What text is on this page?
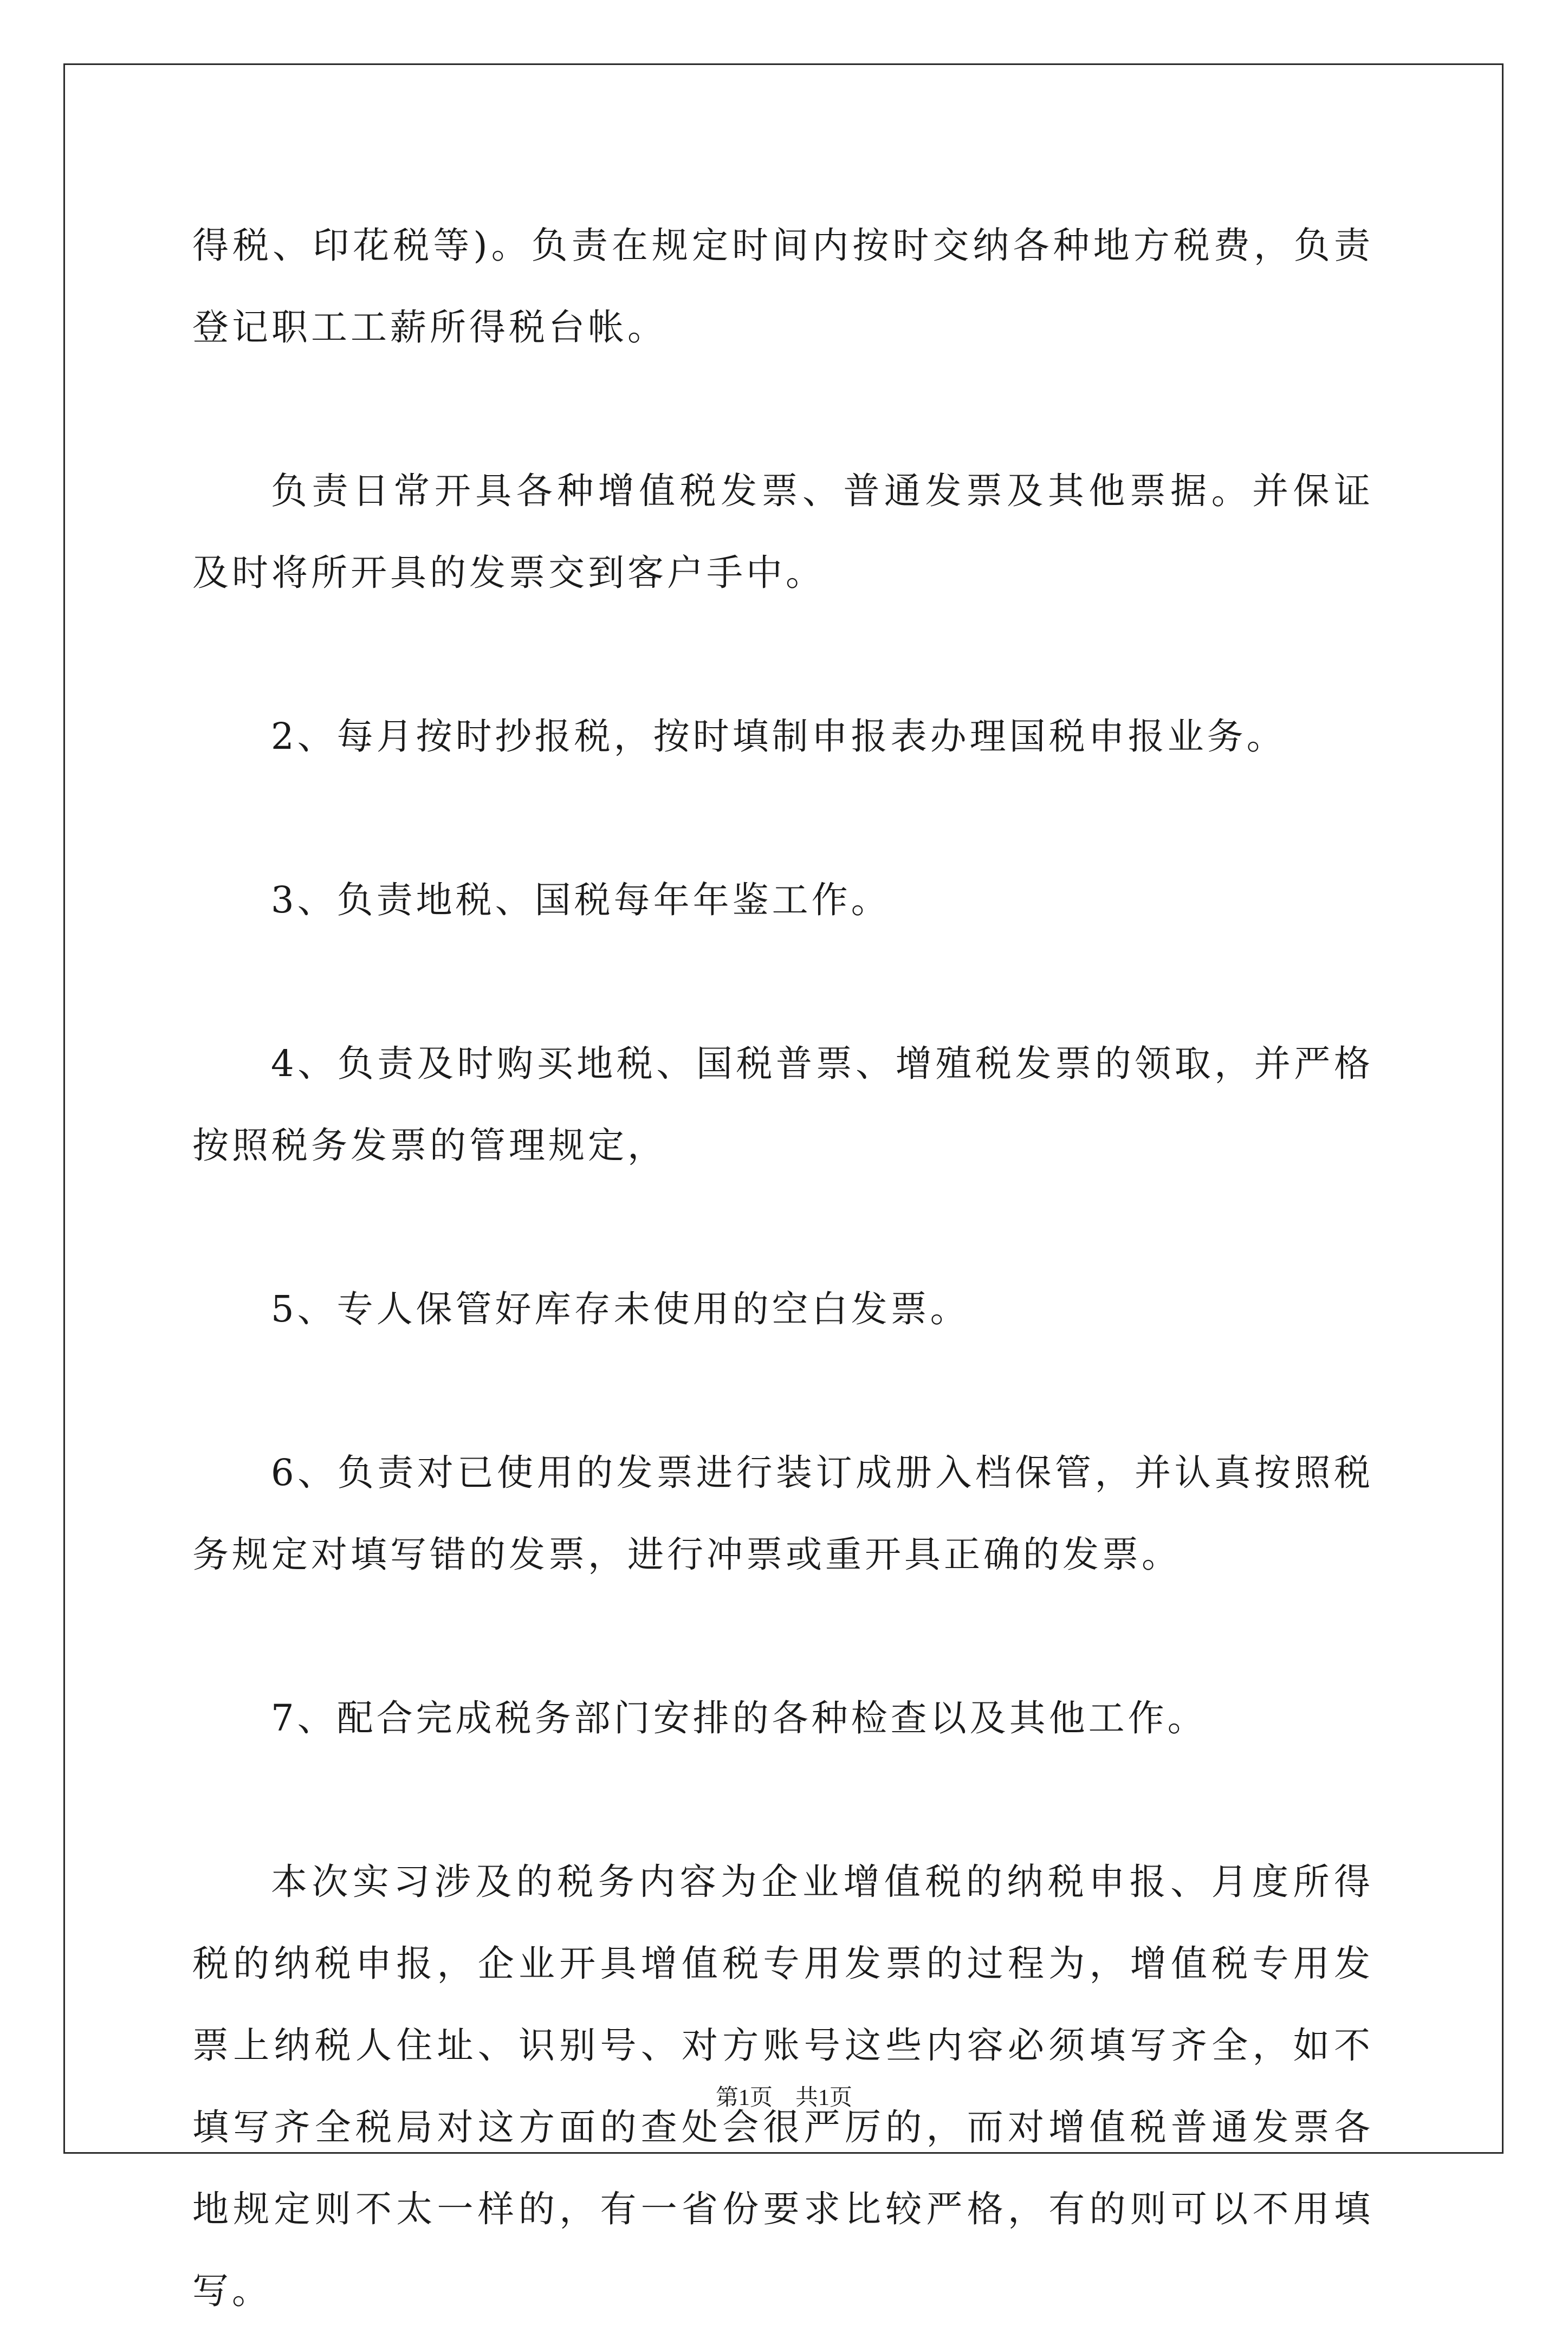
得税、印花税等)。负责在规定时间内按时交纳各种地方税费，负责登记职工工薪所得税台帐。

负责日常开具各种增值税发票、普通发票及其他票据。并保证及时将所开具的发票交到客户手中。

2、每月按时抄报税，按时填制申报表办理国税申报业务。

3、负责地税、国税每年年鉴工作。

4、负责及时购买地税、国税普票、增殖税发票的领取，并严格按照税务发票的管理规定，

5、专人保管好库存未使用的空白发票。

6、负责对已使用的发票进行装订成册入档保管，并认真按照税务规定对填写错的发票，进行冲票或重开具正确的发票。

7、配合完成税务部门安排的各种检查以及其他工作。

本次实习涉及的税务内容为企业增值税的纳税申报、月度所得税的纳税申报，企业开具增值税专用发票的过程为，增值税专用发票上纳税人住址、识别号、对方账号这些内容必须填写齐全，如不填写齐全税局对这方面的查处会很严厉的，而对增值税普通发票各地规定则不太一样的，有一省份要求比较严格，有的则可以不用填写。

第1页　共1页
